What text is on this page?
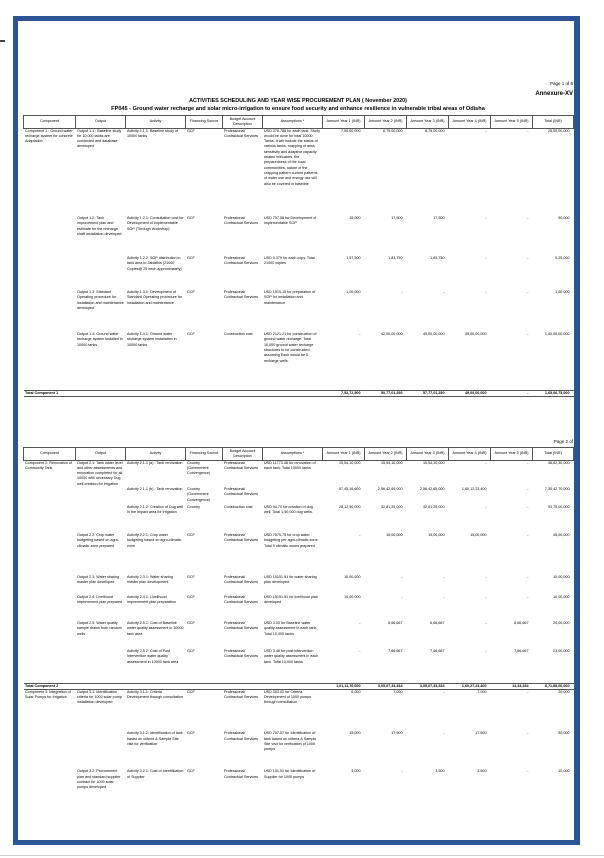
Page 1 of 6
Annexure-XV
ACTIVITIES SCHEDULING AND YEAR WISE PROCUREMENT PLAN ( November 2020)
FP045 - Ground water recharge and solar micro-irrigation to ensure food security and enhance resilience in vulnerable tribal areas of Odisha
Component	Output	Activity	Financing Source	Budget Account Description	Assumptions *	Amount Year 1 (INR)	Amount Year 2 (INR)	Amount Year 3 (INR)	Amount Year 4 (INR)	Amount Year 5 (INR)	Total (INR)
Component 1 : Ground water recharge system for concrete Adaptation	Output 1.1 : Baseline study for 10,000 tanks are conducted and database developed	Activity 1.1.1: Baseline study of 10000 tanks	GCF	Professional/ Contractual Services	USD 378.788 for each tank. Study would be done for total 10000 Tanks. It will include the status of various tanks, mapping of area, sensitivity and adaptive capacity related indicators, the preparedness of the local communities, nature of the cropping pattern current patterns of water use and energy use will also be covered in baseline	7,50,00,000	8,75,00,000	8,75,00,000	-	-	25,00,00,000
	Output 1.2 :Tank improvement plan and estimate for the recharge shaft installation developed	Activity 1.2.1: Consultation cost for Development of implementable SOP (Through Workshop)	GCF	Professional/ Contractual Services	USD 757.58 for Development of implementable SOP	15,000	17,500	17,500	-	-	50,000
		Activity 1.2.2: SOP distribution in tank area to Jalsathis (21000 Copies@ 25 each approximately)	GCF	Professional/ Contractual Services	USD 0.379 for each copy. Total 21000 copies	1,57,500	1,83,750	1,83,750	-	-	5,25,000
	Output 1.3: Standard Operating procedure for installation and maintenance developed	Activity 1.3.1: Development of Standard Operating procedure for installation and maintenance	GCF	Professional/ Contractual Services	USD 1515.15 for preparation of SOP for installation and maintenance	1,00,000	-	-	-	-	1,00,000
	Output 1.4: Ground water recharge system installed in 10000 tanks	Activity 1.4.1: Ground water recharge system installation in 10000 tanks	GCF	Construction cost	USD 2121.21 for construction of ground water recharge. Total 10,000 ground water recharge structures to be constructed assuming Each would be 5 recharge wells.	-	42,00,00,000	49,00,00,000	49,00,00,000	-	1,40,00,00,000
Total Component 1						7,52,72,500	50,77,01,250	57,77,01,250	49,00,00,000	-	1,65,06,75,000
Page 2 of
Component	Output	Activity	Financing Source	Budget Account Description	Assumptions *	Amount Year 1 (INR)	Amount Year 2 (INR)	Amount Year 3 (INR)	Amount Year 4 (INR)	Amount Year 5 (INR)	Total (INR)
Component 2: Renovation of Community Tank	Output 2.1: Tank water level and other assessments and renovation completed for all 10000 with necessary Dug well creation for irrigation	Activity 2.1.1 (a) : Tank renovation	Country (Government Convergence)	Professional/ Contractual Services	USD 11773.48 for renovation of each tank. Total 10000 tanks	15,54,10,000	15,54,10,000	15,54,10,000	-	-	46,62,30,000
		Activity 2.1.1 (b) : Tank renovation	Country (Government Convergence)	Professional/ Contractual Services		57,45,16,600	2,56,42,65,000	2,56,42,65,000	1,60,12,23,400	-	7,30,42,70,000
		Activity 2.1.2: Creation of Dug well in the impact area for irrigation	Country	Construction cost	USD 94.70 for creation of dug well. Total 1,50,000 dug wells.	28,12,50,000	32,81,25,000	32,81,25,000	-	-	93,75,00,000
	Output 2.2: Crop water budgeting based on agro-climatic zone prepared	Activity 2.2.1: Crop water budgeting based on agro-climatic zone	GCF	Professional/ Contractual Services	USD 7575.75 for crop water budgeting per agro-climatic zone. Total 9 climatic zones prepared	-	15,00,000	15,00,000	15,00,000	-	45,00,000
	Output 2.3: Water sharing master plan developed	Activity 2.3.1: Water sharing master plan development	GCF	Professional/ Contractual Services	USD 15151.51 for water sharing plan developed	10,00,000	-	-	-	-	10,00,000
	Output 2.4: Livelihood improvement plan prepared	Activity 2.4.1: Livelihood improvement plan preparation	GCF	Professional/ Contractual Services	USD 15151.51 for livelihood plan developed	10,00,000	-	-	-	-	10,00,000
	Output 2.5: Water quality sample drawn from random wells	Activity 2.5.1: Cost of Baseline water quality assessment in 10000 tank area	GCF	Professional/ Contractual Services	USD 3.03 for Baseline water quality assessment in each tank. Total 10,000 tanks	-	6,66,667	6,66,667	-	6,66,667	20,00,000
		Activity 2.5.2: Cost of Post Intervention water quality assessment in 10000 tank area	GCF	Professional/ Contractual Services	USD 3.48 for post intervention water quality assessment in each tank. Total 10,000 tanks	-	7,66,667	7,66,667	-	7,66,667	23,00,000
Total Component 2						1,01,11,76,600	3,05,07,33,334	3,05,07,33,334	1,60,27,23,400	14,33,334	8,71,88,00,000
Component 3: Integration of Solar Pumps for Irrigation	Output 3.1: Identification criteria for 1000 solar pump installation developed	Activity 3.1.1: Criteria Development through consultation	GCF	Professional/ Contractual Services	USD 303.03 for Criteria Development of 1000 pumps through consultation	6,000	7,000	-	7,000	-	20,000
		Activity 3.1.2: Identification of tank based on criteria & Sample Site visit for verification	GCF	Professional/ Contractual Services	USD 757.57 for Identification of tank based on criteria & Sample Site visit for verification of 1000 pumps	15,000	17,500	-	17,500	-	50,000
	Output 3.2: Procurement plan and standard supplier contract for 1000 solar pumps developed	Activity 3.2.1: Cost of Identification of Supplier	GCF	Professional/ Contractual Services	USD 151.51 for Identification of Supplier for 1000 pumps	3,000	-	3,500	3,500	-	10,000
